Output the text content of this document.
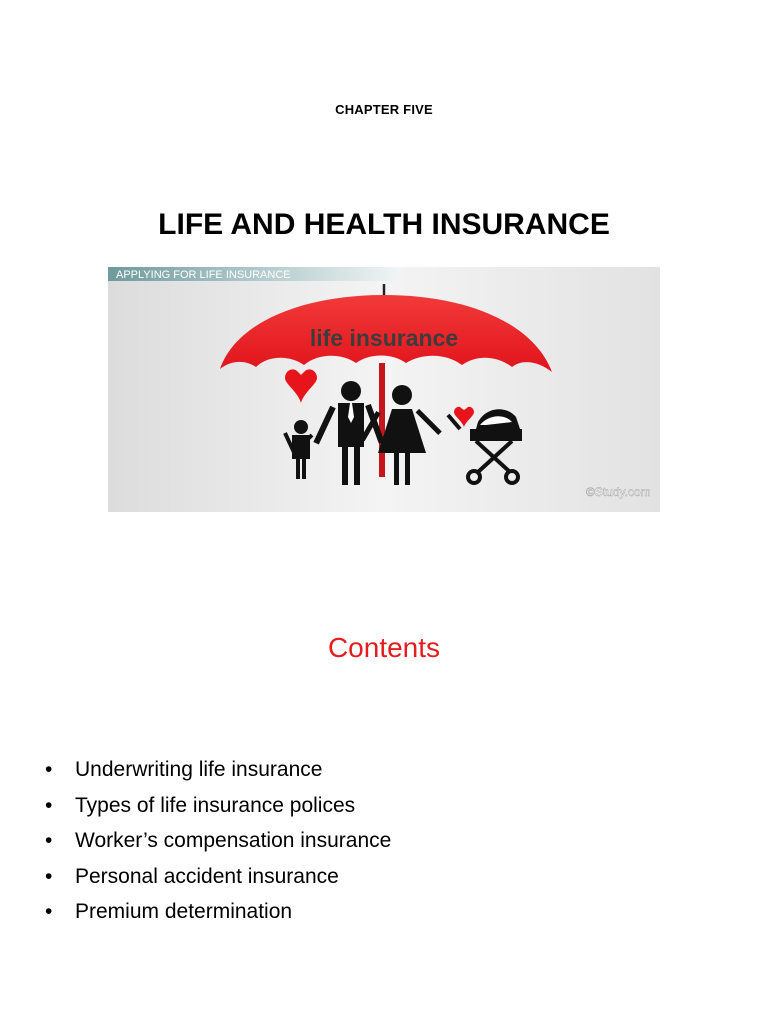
CHAPTER FIVE
LIFE AND HEALTH INSURANCE
APPLYING FOR LIFE INSURANCE
life insurance
©Study.com
Contents
• Underwriting life insurance
• Types of life insurance polices
• Worker’s compensation insurance
• Personal accident insurance
• Premium determination
